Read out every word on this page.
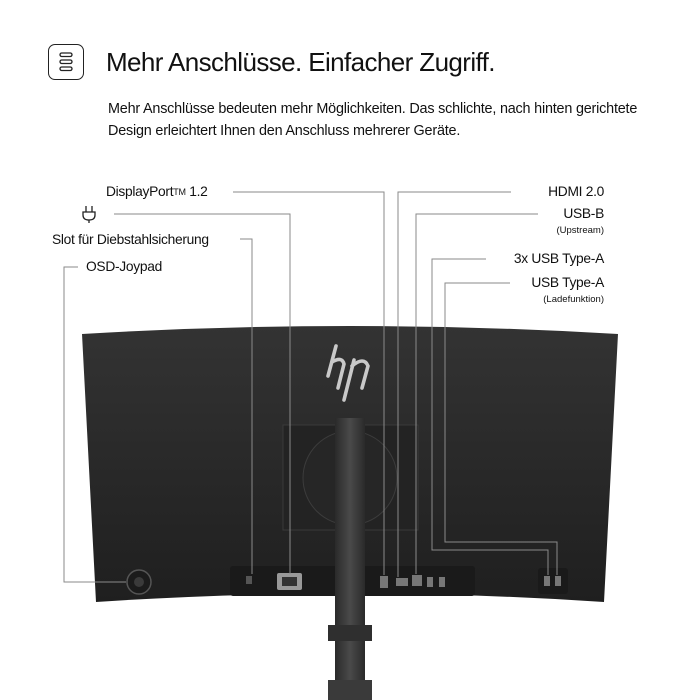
Mehr Anschlüsse. Einfacher Zugriff.
Mehr Anschlüsse bedeuten mehr Möglichkeiten. Das schlichte, nach hinten gerichtete Design erleichtert Ihnen den Anschluss mehrerer Geräte.
DisplayPort™ 1.2
Slot für Diebstahlsicherung
OSD-Joypad
HDMI 2.0
USB-B
(Upstream)
3x USB Type-A
USB Type-A
(Ladefunktion)
